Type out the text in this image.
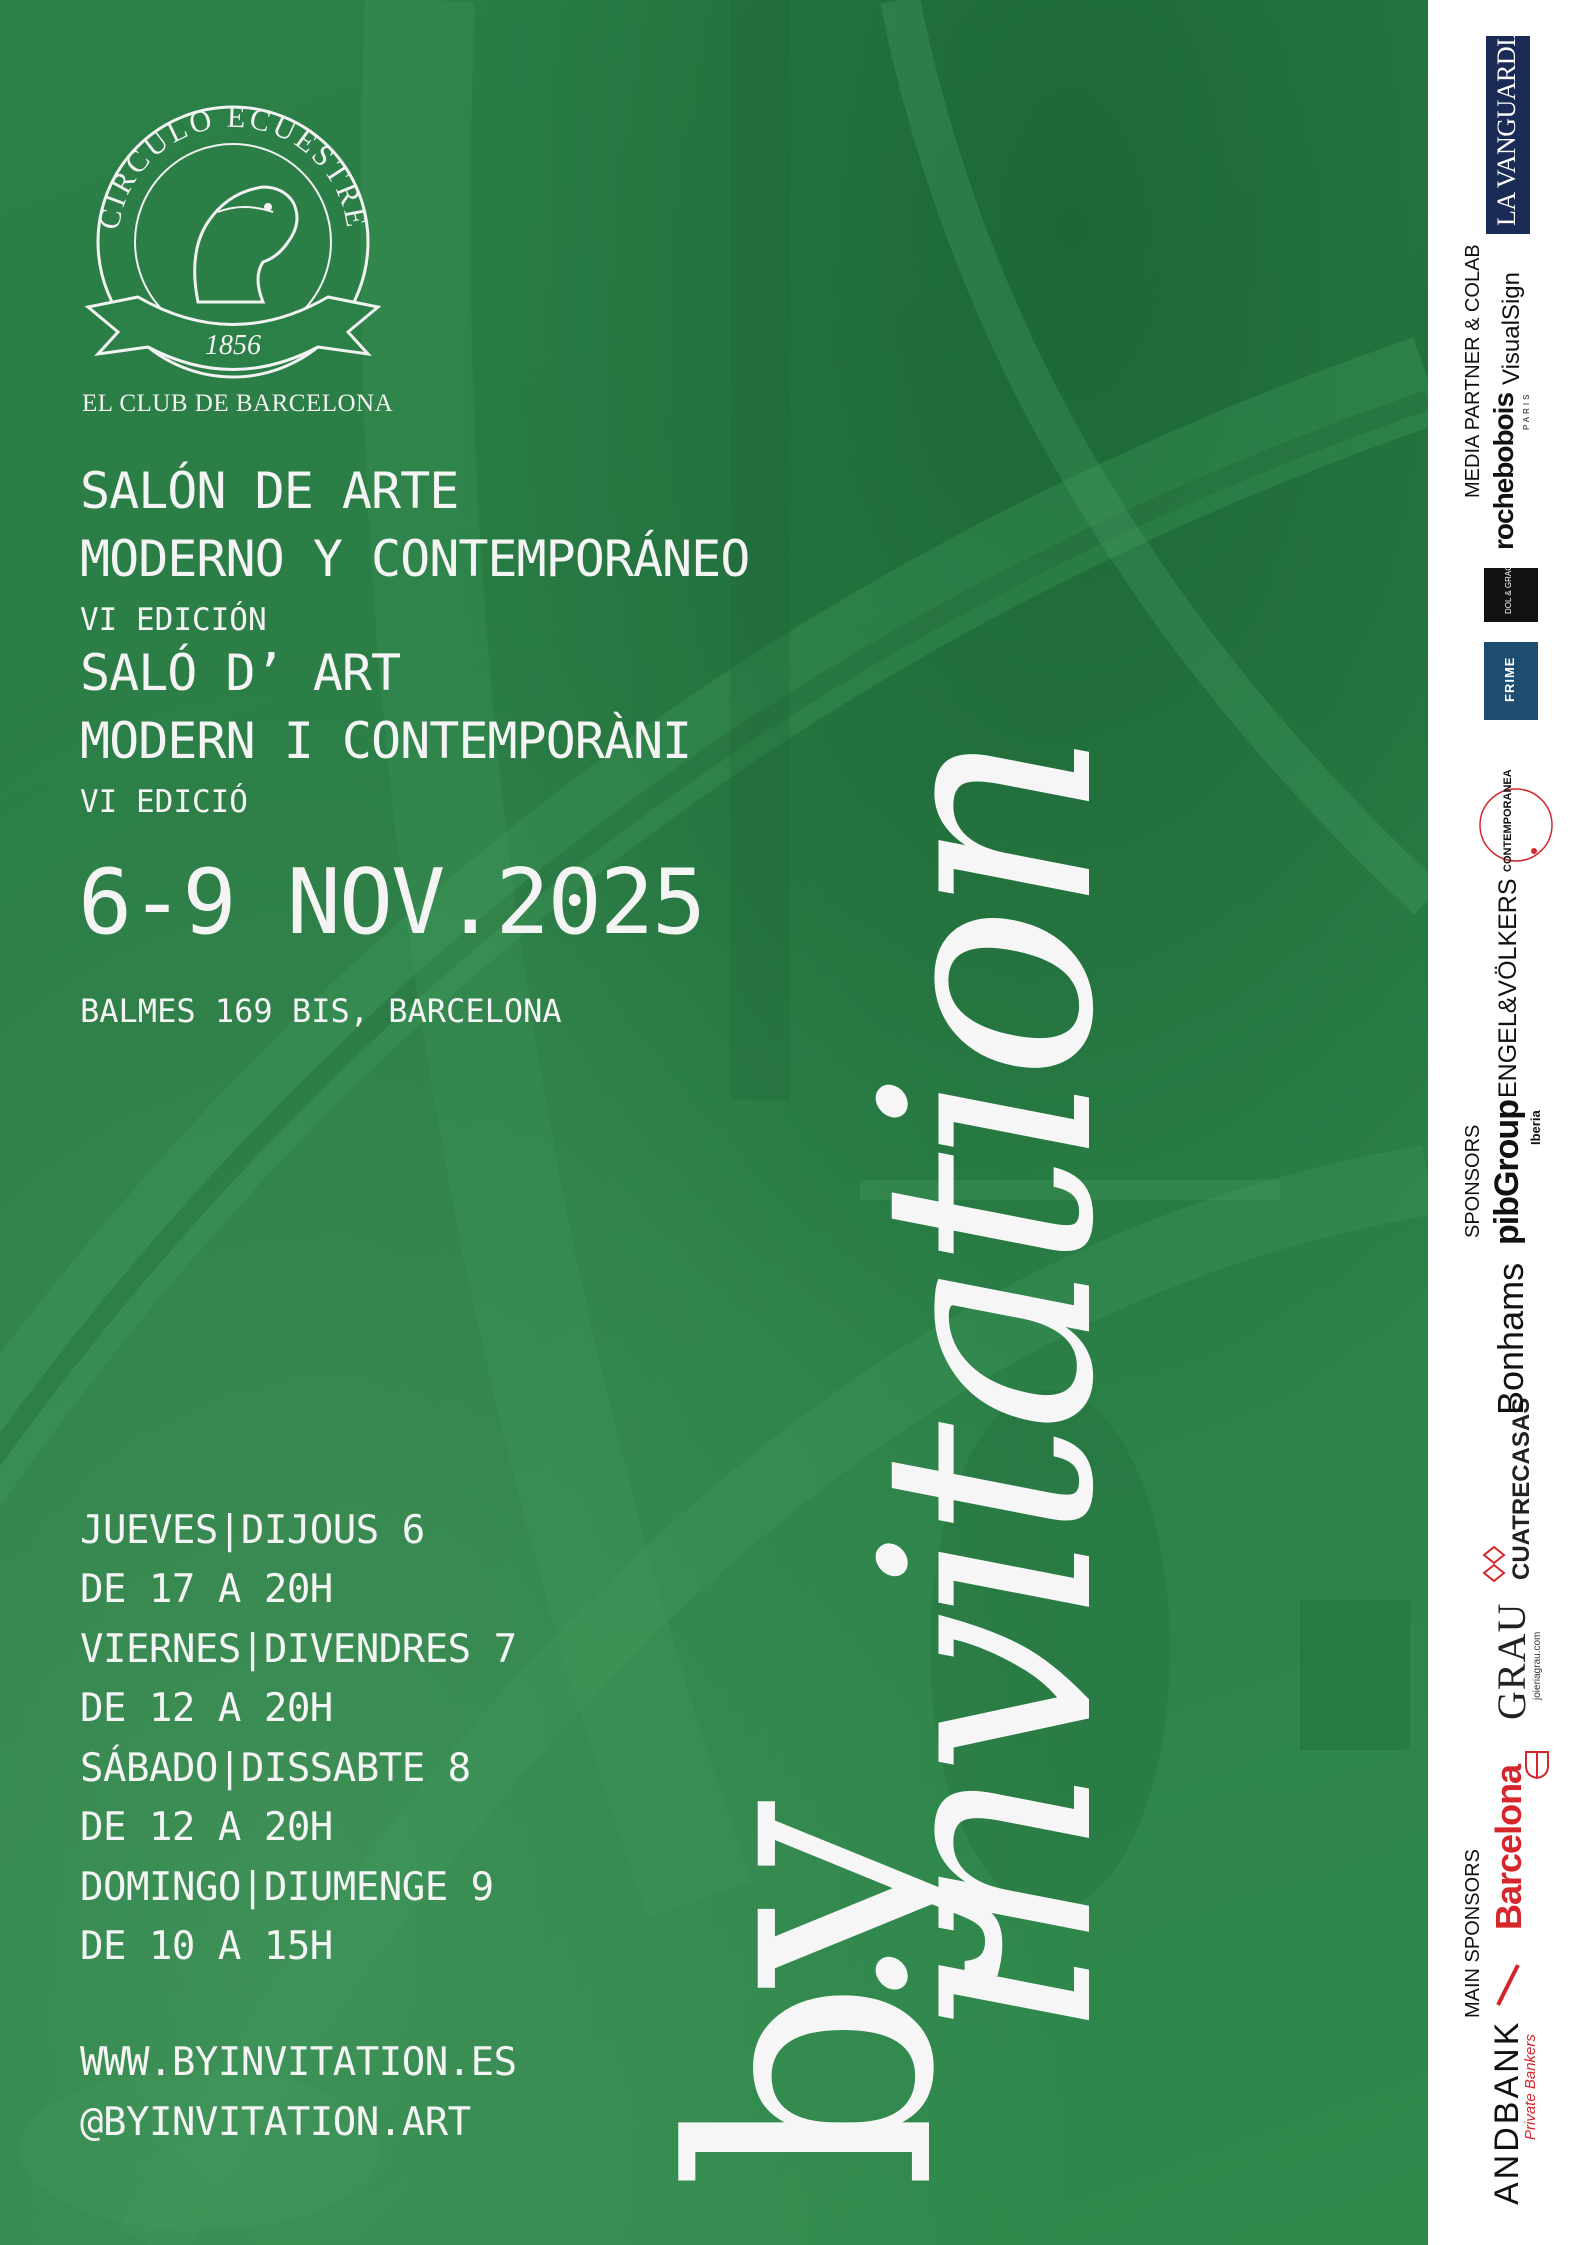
CIRCULO ECUESTRE
1856
EL CLUB DE BARCELONA
SALÓN DE ARTE
MODERNO Y CONTEMPORÁNEO
VI EDICIÓN
SALÓ D’ ART
MODERN I CONTEMPORÀNI
VI EDICIÓ
6-9 NOV.2025
BALMES 169 BIS, BARCELONA
JUEVES|DIJOUS 6
DE 17 A 20H
VIERNES|DIVENDRES 7
DE 12 A 20H
SÁBADO|DISSABTE 8
DE 12 A 20H
DOMINGO|DIUMENGE 9
DE 10 A 15H
WWW.BYINVITATION.ES
@BYINVITATION.ART by
invitation	MAIN SPONSORS
ANDBANK
Private Bankers
Barcelona
GRAU
joieriagrau.com
SPONSORS
CUATRECASAS
Bonhams
pibGroup Iberia
ENGEL&VÖLKERS
CONTEMPORANEA
MEDIA PARTNER & COLAB
FRIME
DOL & GRACE
rochebobois PARIS
VisualSign
LA VANGUARDIA
